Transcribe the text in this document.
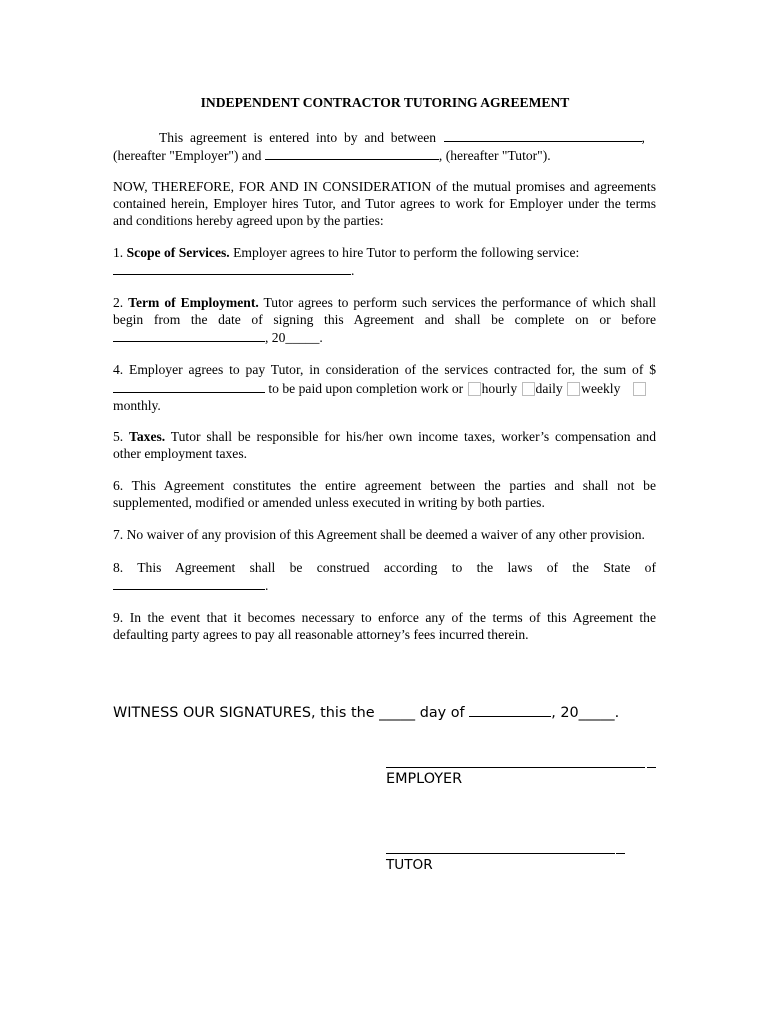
INDEPENDENT CONTRACTOR TUTORING AGREEMENT
This agreement is entered into by and between	,
(hereafter "Employer") and	, (hereafter "Tutor").
NOW, THEREFORE, FOR AND IN CONSIDERATION of the mutual promises and agreements
contained herein, Employer hires Tutor, and Tutor agrees to work for Employer under the terms
and conditions hereby agreed upon by the parties:
1. Scope of Services. Employer agrees to hire Tutor to perform the following service:
.
2. Term of Employment. Tutor agrees to perform such services the performance of which shall
begin from the date of signing this Agreement and shall be complete on or before
, 20_____.
4. Employer agrees to pay Tutor, in consideration of the services contracted for, the sum of $
to be paid upon completion work or hourly daily weekly
monthly.
5. Taxes. Tutor shall be responsible for his/her own income taxes, worker’s compensation and
other employment taxes.
6. This Agreement constitutes the entire agreement between the parties and shall not be
supplemented, modified or amended unless executed in writing by both parties.
7. No waiver of any provision of this Agreement shall be deemed a waiver of any other provision.
8. This Agreement shall be construed according to the laws of the State of
.
9. In the event that it becomes necessary to enforce any of the terms of this Agreement the
defaulting party agrees to pay all reasonable attorney’s fees incurred therein.
WITNESS OUR SIGNATURES, this the _____ day of	, 20_____.
EMPLOYER
TUTOR
